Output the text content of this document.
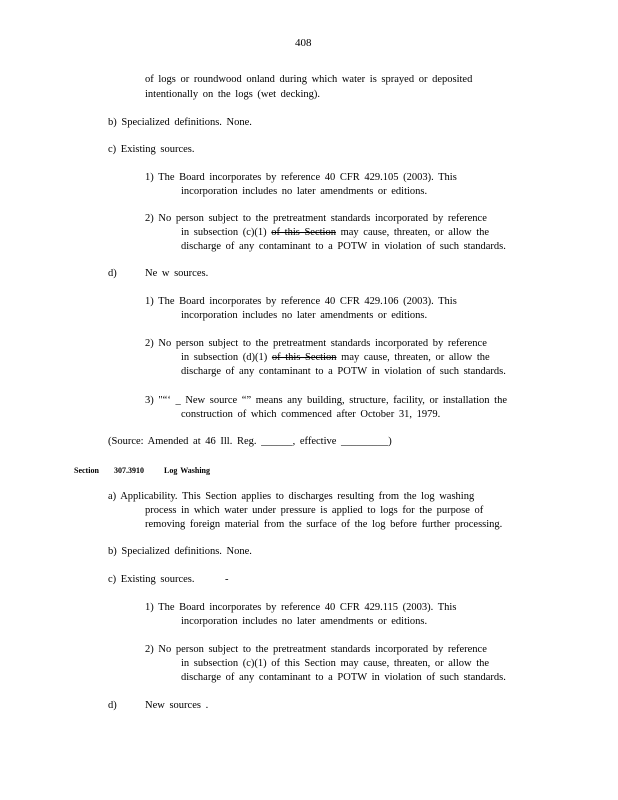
408
of logs or roundwood onland during which water is sprayed or deposited
intentionally on the logs (wet decking).
b) Specialized definitions. None.
c) Existing sources.
1) The Board incorporates by reference 40 CFR 429.105 (2003). This
incorporation includes no later amendments or editions.
2) No person subject to the pretreatment standards incorporated by reference
in subsection (c)(1) of this Section may cause, threaten, or allow the
discharge of any contaminant to a POTW in violation of such standards.
d)	Ne w sources.
1) The Board incorporates by reference 40 CFR 429.106 (2003). This
incorporation includes no later amendments or editions.
2) No person subject to the pretreatment standards incorporated by reference
in subsection (d)(1) of this Section may cause, threaten, or allow the
discharge of any contaminant to a POTW in violation of such standards.
3) "“‘ _ New source “” means any building, structure, facility, or installation the
construction of which commenced after October 31, 1979.
(Source: Amended at 46 Ill. Reg. ______, effective _________)
Section 307.3910	Log Washing
a) Applicability. This Section applies to discharges resulting from the log washing
process in which water under pressure is applied to logs for the purpose of
removing foreign material from the surface of the log before further processing.
b) Specialized definitions. None.
c) Existing sources.	-
1) The Board incorporates by reference 40 CFR 429.115 (2003). This
incorporation includes no later amendments or editions.
2) No person subject to the pretreatment standards incorporated by reference
in subsection (c)(1) of this Section may cause, threaten, or allow the
discharge of any contaminant to a POTW in violation of such standards.
d)	New sources .
